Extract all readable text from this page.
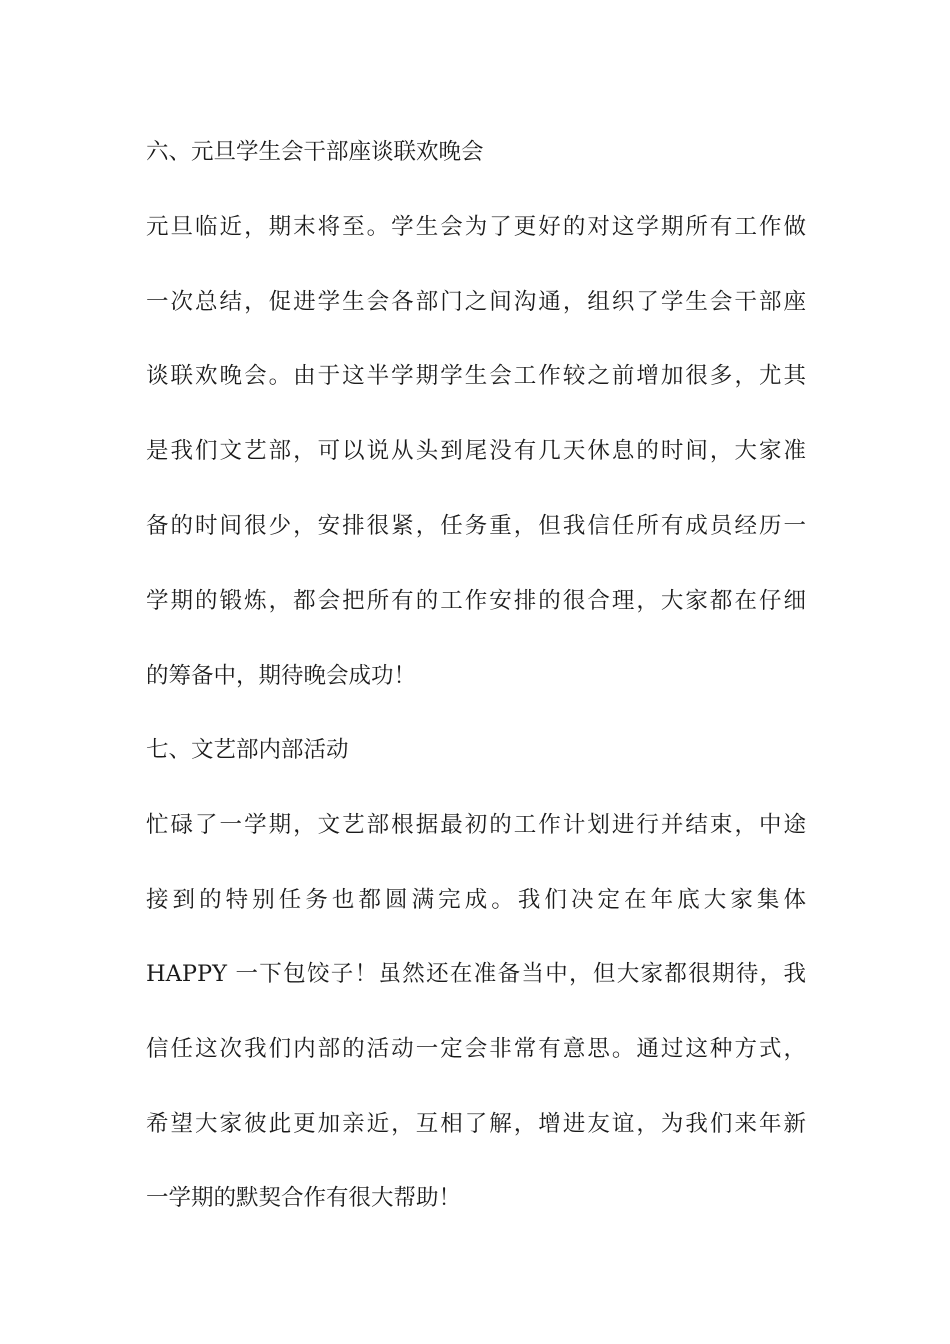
六、元旦学生会干部座谈联欢晚会
元旦临近，期末将至。学生会为了更好的对这学期所有工作做
一次总结，促进学生会各部门之间沟通，组织了学生会干部座
谈联欢晚会。由于这半学期学生会工作较之前增加很多，尤其
是我们文艺部，可以说从头到尾没有几天休息的时间，大家准
备的时间很少，安排很紧，任务重，但我信任所有成员经历一
学期的锻炼，都会把所有的工作安排的很合理，大家都在仔细
的筹备中，期待晚会成功！
七、文艺部内部活动
忙碌了一学期，文艺部根据最初的工作计划进行并结束，中途
接到的特别任务也都圆满完成。我们决定在年底大家集体
HAPPY 一下包饺子！虽然还在准备当中，但大家都很期待，我
信任这次我们内部的活动一定会非常有意思。通过这种方式，
希望大家彼此更加亲近，互相了解，增进友谊，为我们来年新
一学期的默契合作有很大帮助！
